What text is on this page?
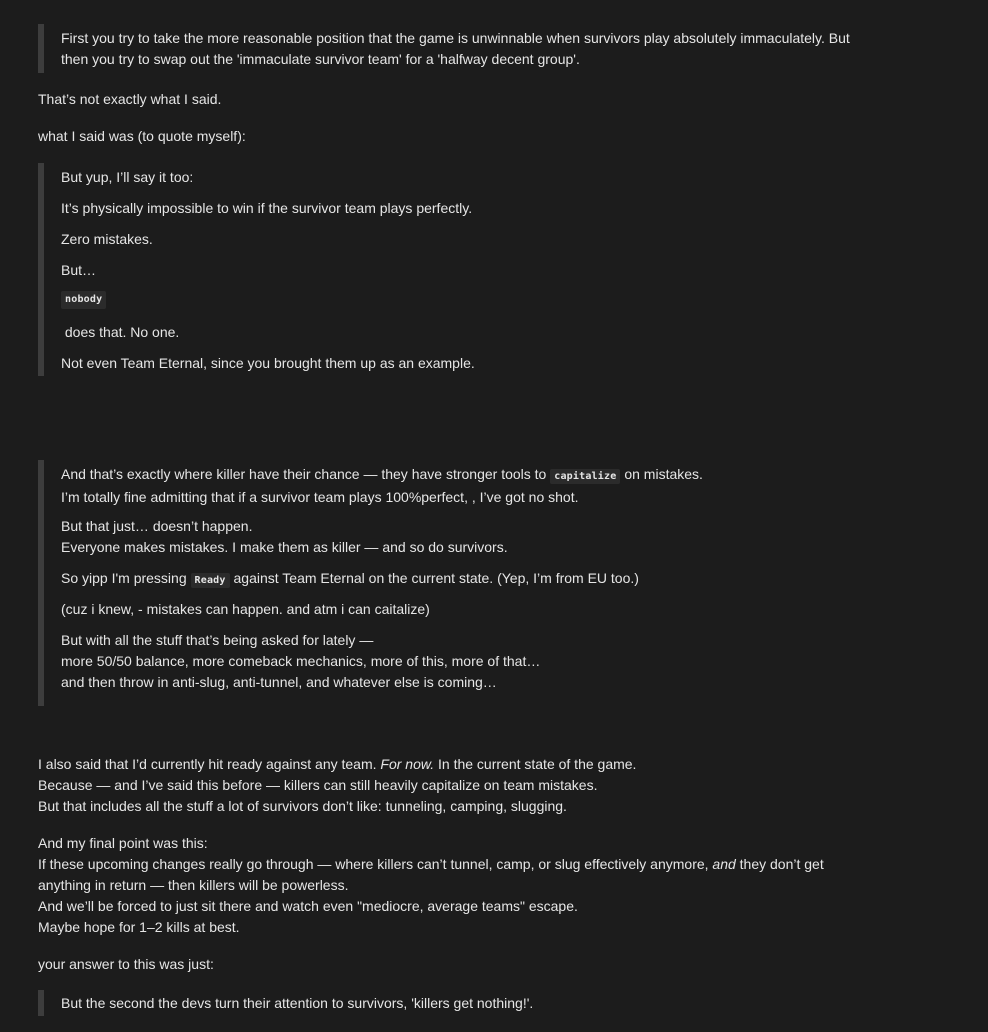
First you try to take the more reasonable position that the game is unwinnable when survivors play absolutely immaculately. But
then you try to swap out the 'immaculate survivor team' for a 'halfway decent group'.

That’s not exactly what I said.

what I said was (to quote myself):

But yup, I’ll say it too:
It’s physically impossible to win if the survivor team plays perfectly.
Zero mistakes.
But…
nobody
does that. No one.
Not even Team Eternal, since you brought them up as an example.
And that’s exactly where killer have their chance — they have stronger tools to capitalize on mistakes.
I’m totally fine admitting that if a survivor team plays 100%perfect, , I’ve got no shot.
But that just… doesn’t happen.
Everyone makes mistakes. I make them as killer — and so do survivors.
So yipp I'm pressing Ready against Team Eternal on the current state. (Yep, I’m from EU too.)
(cuz i knew, - mistakes can happen. and atm i can caitalize)
But with all the stuff that’s being asked for lately —
more 50/50 balance, more comeback mechanics, more of this, more of that…
and then throw in anti-slug, anti-tunnel, and whatever else is coming…
I also said that I’d currently hit ready against any team. For now. In the current state of the game.
Because — and I’ve said this before — killers can still heavily capitalize on team mistakes.
But that includes all the stuff a lot of survivors don’t like: tunneling, camping, slugging.
And my final point was this:
If these upcoming changes really go through — where killers can’t tunnel, camp, or slug effectively anymore, and they don’t get
anything in return — then killers will be powerless.
And we’ll be forced to just sit there and watch even "mediocre, average teams" escape.
Maybe hope for 1–2 kills at best.

your answer to this was just:

But the second the devs turn their attention to survivors, 'killers get nothing!'.
